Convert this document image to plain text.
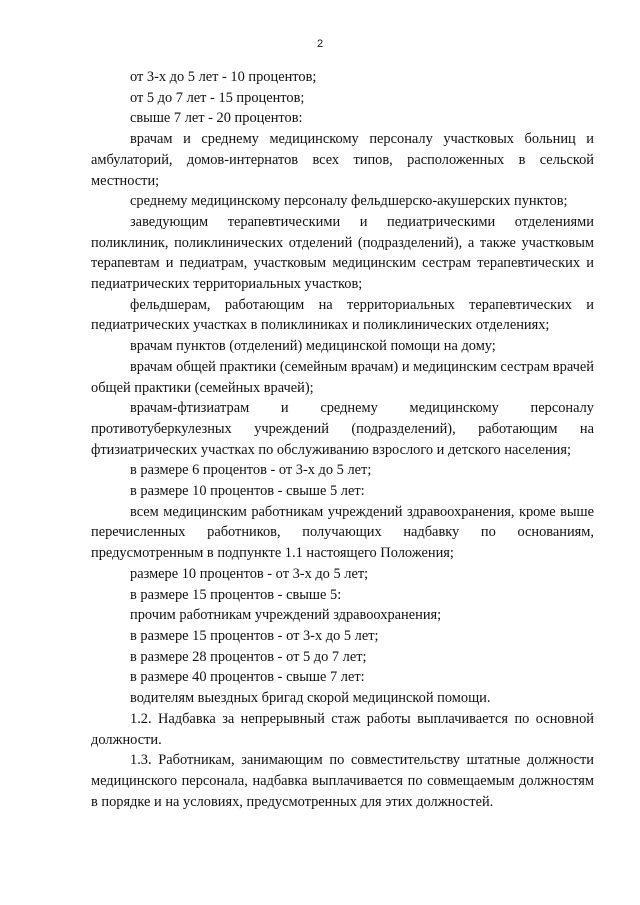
2

от 3-х до 5 лет - 10 процентов;

от 5 до 7 лет - 15 процентов;

свыше 7 лет - 20 процентов:

врачам и среднему медицинскому персоналу участковых больниц и амбулаторий, домов-интернатов всех типов, расположенных в сельской местности;

среднему медицинскому персоналу фельдшерско-акушерских пунктов;

заведующим терапевтическими и педиатрическими отделениями поликлиник, поликлинических отделений (подразделений), а также участковым терапевтам и педиатрам, участковым медицинским сестрам терапевтических и педиатрических территориальных участков;

фельдшерам, работающим на территориальных терапевтических и педиатрических участках в поликлиниках и поликлинических отделениях;

врачам пунктов (отделений) медицинской помощи на дому;

врачам общей практики (семейным врачам) и медицинским сестрам врачей общей практики (семейных врачей);

врачам-фтизиатрам и среднему медицинскому персоналу противотуберкулезных учреждений (подразделений), работающим на фтизиатрических участках по обслуживанию взрослого и детского населения;

в размере 6 процентов - от 3-х до 5 лет;

в размере 10 процентов - свыше 5 лет:

всем медицинским работникам учреждений здравоохранения, кроме выше перечисленных работников, получающих надбавку по основаниям, предусмотренным в подпункте 1.1 настоящего Положения;

размере 10 процентов - от 3-х до 5 лет;

в размере 15 процентов - свыше 5:

прочим работникам учреждений здравоохранения;

в размере 15 процентов - от 3-х до 5 лет;

в размере 28 процентов - от 5 до 7 лет;

в размере 40 процентов - свыше 7 лет:

водителям выездных бригад скорой медицинской помощи.

1.2. Надбавка за непрерывный стаж работы выплачивается по основной должности.

1.3. Работникам, занимающим по совместительству штатные должности медицинского персонала, надбавка выплачивается по совмещаемым должностям в порядке и на условиях, предусмотренных для этих должностей.
